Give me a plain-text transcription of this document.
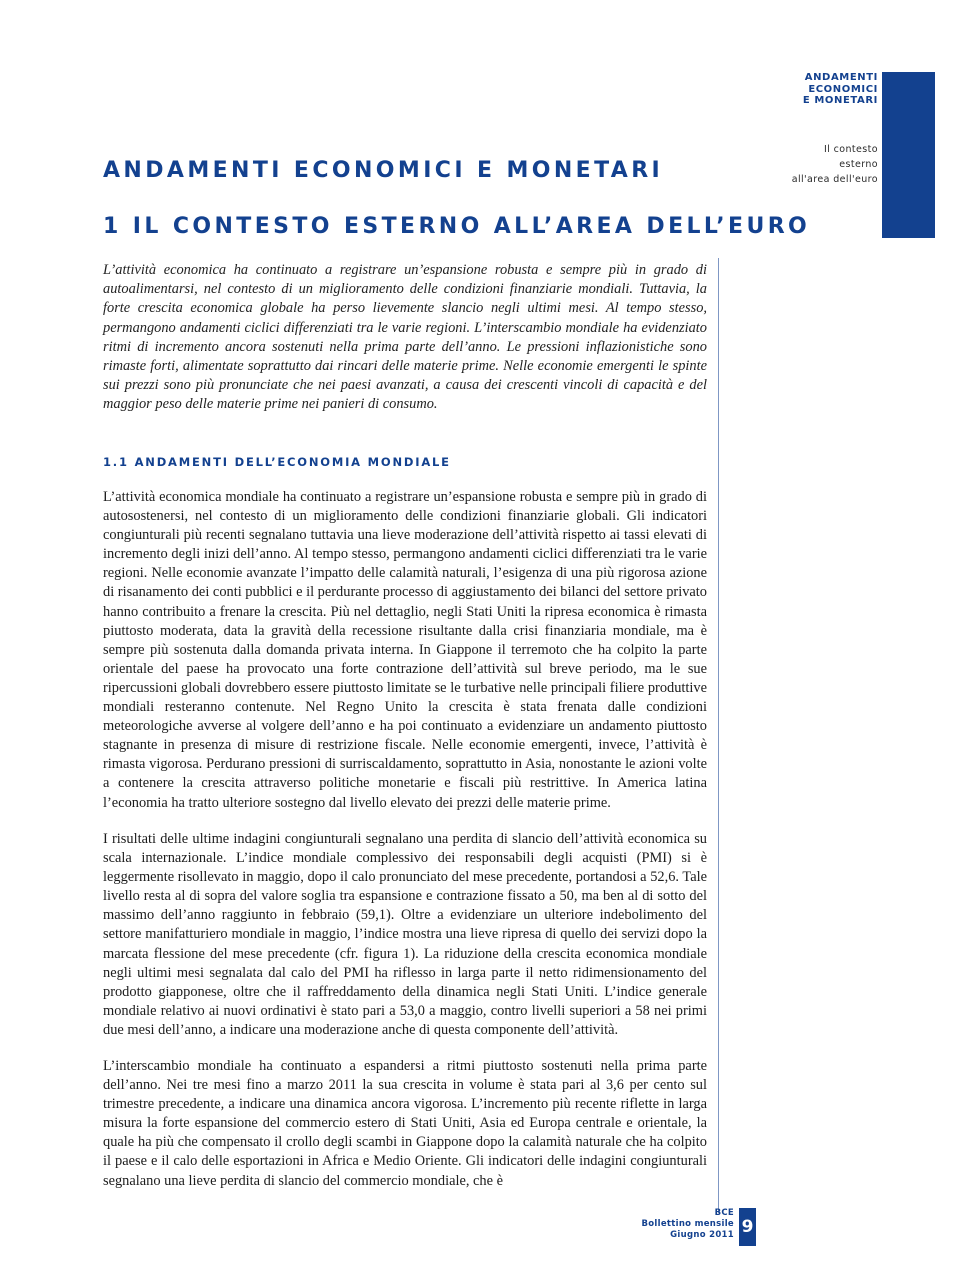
ANDAMENTI
ECONOMICI
E MONETARI
Il contesto
esterno
all'area dell'euro
ANDAMENTI ECONOMICI E MONETARI
1 IL CONTESTO ESTERNO ALL’AREA DELL’EURO

L’attività economica ha continuato a registrare un’espansione robusta e sempre più in grado di autoalimentarsi, nel contesto di un miglioramento delle condizioni finanziarie mondiali. Tuttavia, la forte crescita economica globale ha perso lievemente slancio negli ultimi mesi. Al tempo stesso, permangono andamenti ciclici differenziati tra le varie regioni. L’interscambio mondiale ha evidenziato ritmi di incremento ancora sostenuti nella prima parte dell’anno. Le pressioni inflazionistiche sono rimaste forti, alimentate soprattutto dai rincari delle materie prime. Nelle economie emergenti le spinte sui prezzi sono più pronunciate che nei paesi avanzati, a causa dei crescenti vincoli di capacità e del maggior peso delle materie prime nei panieri di consumo.

1.1 ANDAMENTI DELL’ECONOMIA MONDIALE

L’attività economica mondiale ha continuato a registrare un’espansione robusta e sempre più in grado di autosostenersi, nel contesto di un miglioramento delle condizioni finanziarie globali. Gli indicatori congiunturali più recenti segnalano tuttavia una lieve moderazione dell’attività rispetto ai tassi elevati di incremento degli inizi dell’anno. Al tempo stesso, permangono andamenti ciclici differenziati tra le varie regioni. Nelle economie avanzate l’impatto delle calamità naturali, l’esigenza di una più rigorosa azione di risanamento dei conti pubblici e il perdurante processo di aggiustamento dei bilanci del settore privato hanno contribuito a frenare la crescita. Più nel dettaglio, negli Stati Uniti la ripresa economica è rimasta piuttosto moderata, data la gravità della recessione risultante dalla crisi finanziaria mondiale, ma è sempre più sostenuta dalla domanda privata interna. In Giappone il terremoto che ha colpito la parte orientale del paese ha provocato una forte contrazione dell’attività sul breve periodo, ma le sue ripercussioni globali dovrebbero essere piuttosto limitate se le turbative nelle principali filiere produttive mondiali resteranno contenute. Nel Regno Unito la crescita è stata frenata dalle condizioni meteorologiche avverse al volgere dell’anno e ha poi continuato a evidenziare un andamento piuttosto stagnante in presenza di misure di restrizione fiscale. Nelle economie emergenti, invece, l’attività è rimasta vigorosa. Perdurano pressioni di surriscaldamento, soprattutto in Asia, nonostante le azioni volte a contenere la crescita attraverso politiche monetarie e fiscali più restrittive. In America latina l’economia ha tratto ulteriore sostegno dal livello elevato dei prezzi delle materie prime.

I risultati delle ultime indagini congiunturali segnalano una perdita di slancio dell’attività economica su scala internazionale. L’indice mondiale complessivo dei responsabili degli acquisti (PMI) si è leggermente risollevato in maggio, dopo il calo pronunciato del mese precedente, portandosi a 52,6. Tale livello resta al di sopra del valore soglia tra espansione e contrazione fissato a 50, ma ben al di sotto del massimo dell’anno raggiunto in febbraio (59,1). Oltre a evidenziare un ulteriore indebolimento del settore manifatturiero mondiale in maggio, l’indice mostra una lieve ripresa di quello dei servizi dopo la marcata flessione del mese precedente (cfr. figura 1). La riduzione della crescita economica mondiale negli ultimi mesi segnalata dal calo del PMI ha riflesso in larga parte il netto ridimensionamento del prodotto giapponese, oltre che il raffreddamento della dinamica negli Stati Uniti. L’indice generale mondiale relativo ai nuovi ordinativi è stato pari a 53,0 a maggio, contro livelli superiori a 58 nei primi due mesi dell’anno, a indicare una moderazione anche di questa componente dell’attività.

L’interscambio mondiale ha continuato a espandersi a ritmi piuttosto sostenuti nella prima parte dell’anno. Nei tre mesi fino a marzo 2011 la sua crescita in volume è stata pari al 3,6 per cento sul trimestre precedente, a indicare una dinamica ancora vigorosa. L’incremento più recente riflette in larga misura la forte espansione del commercio estero di Stati Uniti, Asia ed Europa centrale e orientale, la quale ha più che compensato il crollo degli scambi in Giappone dopo la calamità naturale che ha colpito il paese e il calo delle esportazioni in Africa e Medio Oriente. Gli indicatori delle indagini congiunturali segnalano una lieve perdita di slancio del commercio mondiale, che è

BCE
Bollettino mensile
Giugno 2011 9
